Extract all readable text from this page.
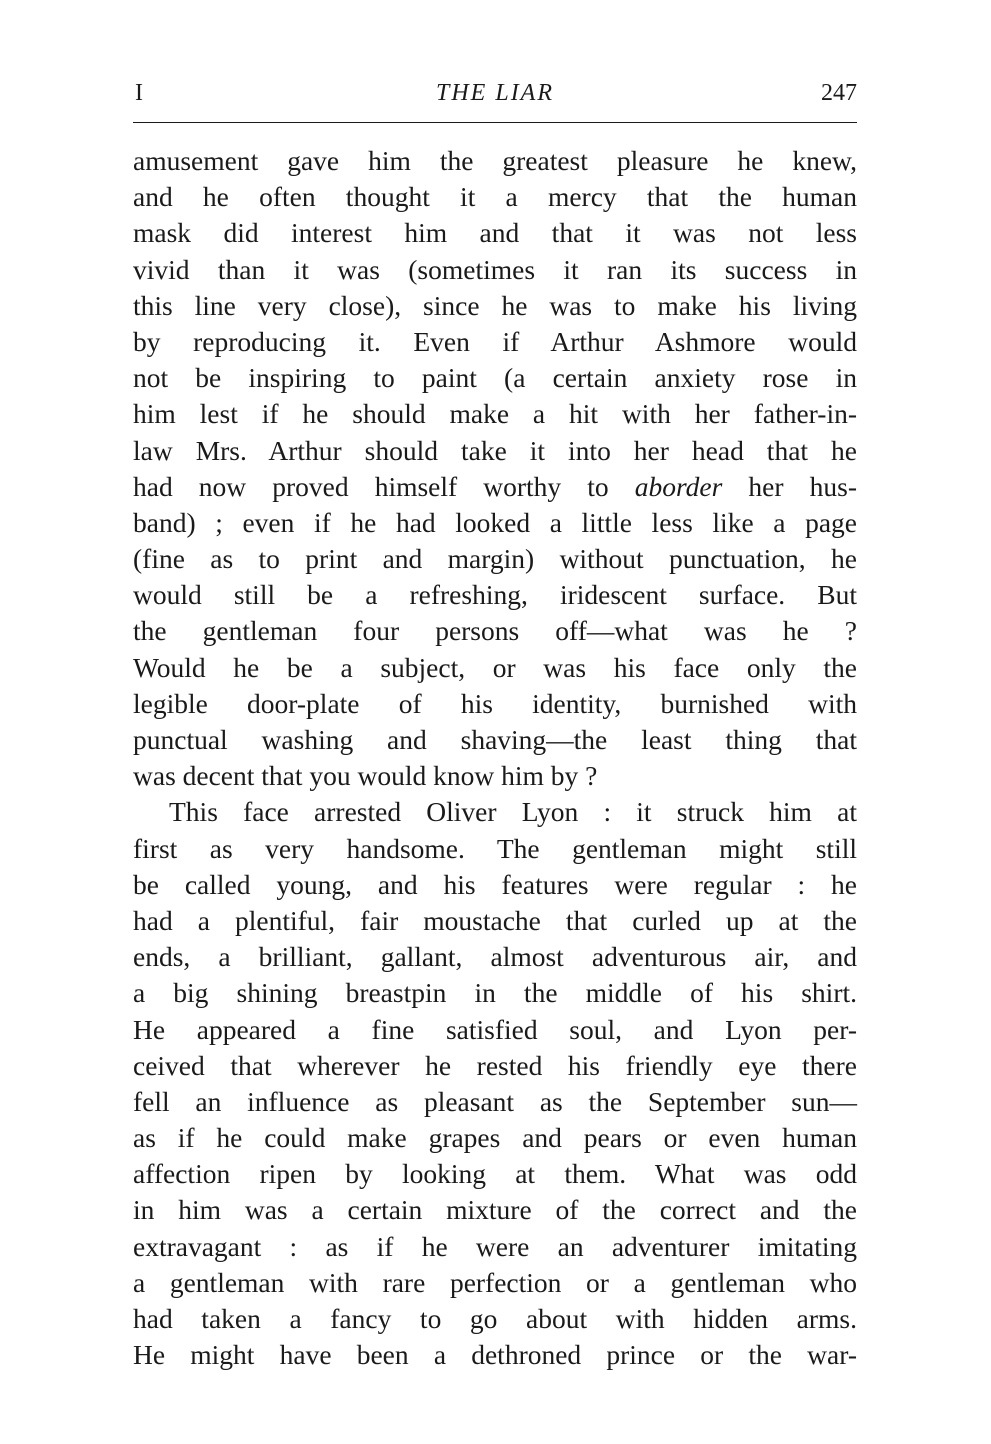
I	THE LIAR	247
amusement gave him the greatest pleasure he knew,
and he often thought it a mercy that the human
mask did interest him and that it was not less
vivid than it was (sometimes it ran its success in
this line very close), since he was to make his living
by reproducing it. Even if Arthur Ashmore would
not be inspiring to paint (a certain anxiety rose in
him lest if he should make a hit with her father-in-
law Mrs. Arthur should take it into her head that he
had now proved himself worthy to aborder her hus-
band) ; even if he had looked a little less like a page
(fine as to print and margin) without punctuation, he
would still be a refreshing, iridescent surface. But
the gentleman four persons off—what was he ?
Would he be a subject, or was his face only the
legible door-plate of his identity, burnished with
punctual washing and shaving—the least thing that
was decent that you would know him by ?
This face arrested Oliver Lyon : it struck him at
first as very handsome. The gentleman might still
be called young, and his features were regular : he
had a plentiful, fair moustache that curled up at the
ends, a brilliant, gallant, almost adventurous air, and
a big shining breastpin in the middle of his shirt.
He appeared a fine satisfied soul, and Lyon per-
ceived that wherever he rested his friendly eye there
fell an influence as pleasant as the September sun—
as if he could make grapes and pears or even human
affection ripen by looking at them. What was odd
in him was a certain mixture of the correct and the
extravagant : as if he were an adventurer imitating
a gentleman with rare perfection or a gentleman who
had taken a fancy to go about with hidden arms.
He might have been a dethroned prince or the war-
